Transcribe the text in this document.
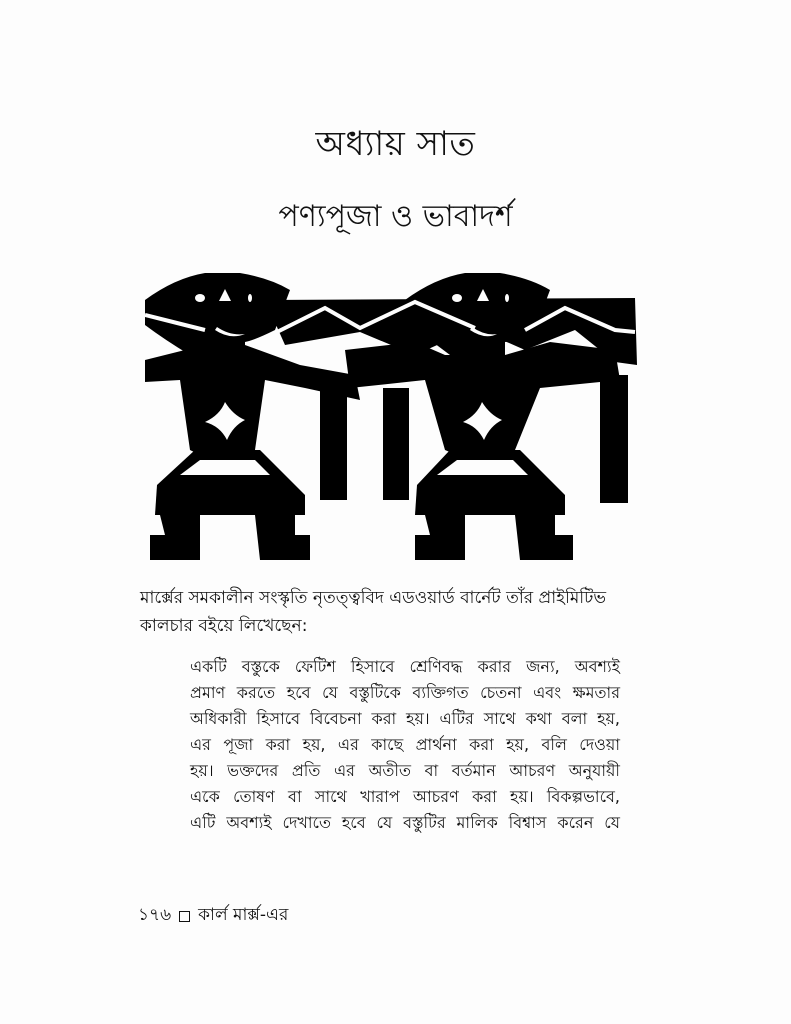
অধ্যায় সাত
পণ্যপূজা ও ভাবাদর্শ

মার্ক্সের সমকালীন সংস্কৃতি নৃতত্ত্ববিদ এডওয়ার্ড বার্নেট তাঁর প্রাইমিটিভ

কালচার বইয়ে লিখেছেন:

একটি বস্তুকে ফেটিশ হিসাবে শ্রেণিবদ্ধ করার জন্য, অবশ্যই
প্রমাণ করতে হবে যে বস্তুটিকে ব্যক্তিগত চেতনা এবং ক্ষমতার
অধিকারী হিসাবে বিবেচনা করা হয়। এটির সাথে কথা বলা হয়,
এর পূজা করা হয়, এর কাছে প্রার্থনা করা হয়, বলি দেওয়া
হয়। ভক্তদের প্রতি এর অতীত বা বর্তমান আচরণ অনুযায়ী
একে তোষণ বা সাথে খারাপ আচরণ করা হয়। বিকল্পভাবে,
এটি অবশ্যই দেখাতে হবে যে বস্তুটির মালিক বিশ্বাস করেন যে
১৭৬ কার্ল মার্ক্স-এর
